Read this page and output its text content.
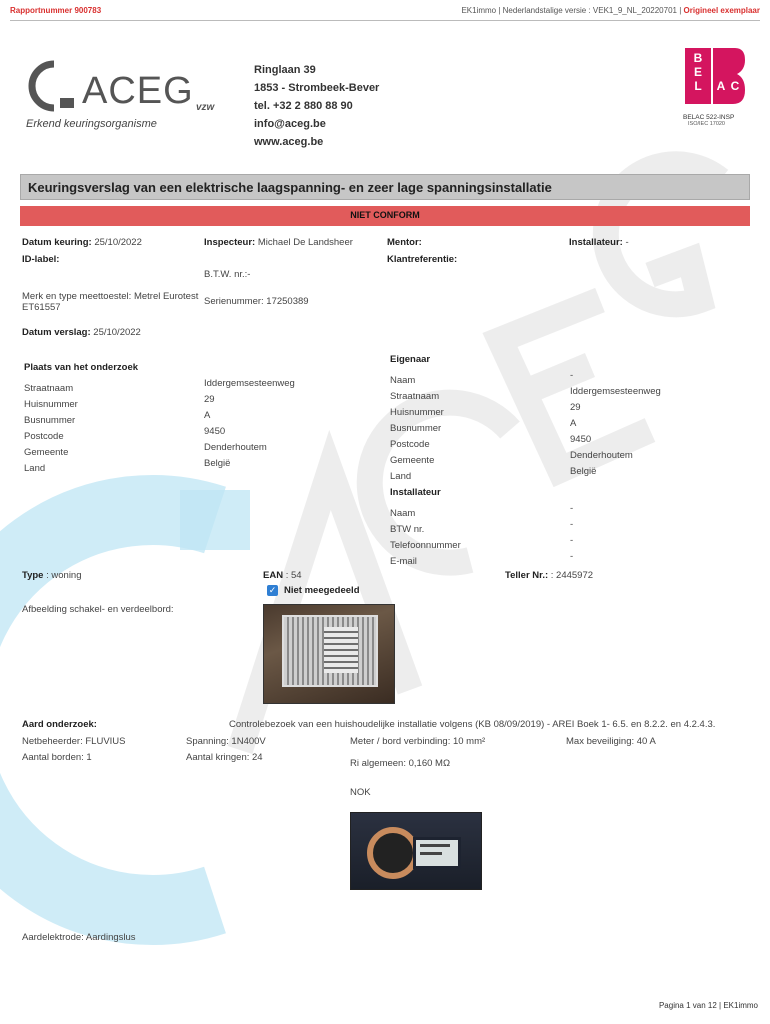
Rapportnummer 900783	EK1immo | Nederlandstalige versie : VEK1_9_NL_20220701 | Origineel exemplaar
ACEG vzw
Erkend keuringsorganisme
Ringlaan 39
1853 - Strombeek-Bever
tel. +32 2 880 88 90
info@aceg.be
www.aceg.be
B
E
L A C
BELAC 522-INSP
ISO/IEC 17020
Keuringsverslag van een elektrische laagspanning- en zeer lage spanningsinstallatie
NIET CONFORM
Datum keuring: 25/10/2022	Inspecteur: Michael De Landsheer	Mentor:	Installateur: -
ID-label:	Klantreferentie:
B.T.W. nr.:-
Merk en type meettoestel: Metrel Eurotest ET61557
Serienummer: 17250389
Datum verslag: 25/10/2022
Plaats van het onderzoek
Straatnaam	Iddergemsesteenweg
Huisnummer	29
Busnummer	A
Postcode	9450
Gemeente	Denderhoutem
Land	België
Eigenaar
Naam	-
Straatnaam	Iddergemsesteenweg
Huisnummer	29
Busnummer	A
Postcode	9450
Gemeente	Denderhoutem
Land	België
Installateur
Naam	-
BTW nr.	-
Telefoonnummer	-
E-mail	-
Type : woning	EAN : 54	Teller Nr.: : 2445972
✓ Niet meegedeeld
Afbeelding schakel- en verdeelbord:
Aard onderzoek:	Controlebezoek van een huishoudelijke installatie volgens (KB 08/09/2019) - AREI Boek 1- 6.5. en 8.2.2. en 4.2.4.3.
Netbeheerder: FLUVIUS	Spanning: 1N400V	Meter / bord verbinding: 10 mm²	Max beveiliging: 40 A
Aantal borden: 1	Aantal kringen: 24
Ri algemeen: 0,160 MΩ
NOK
Aardelektrode: Aardingslus
Pagina 1 van 12 | EK1immo
